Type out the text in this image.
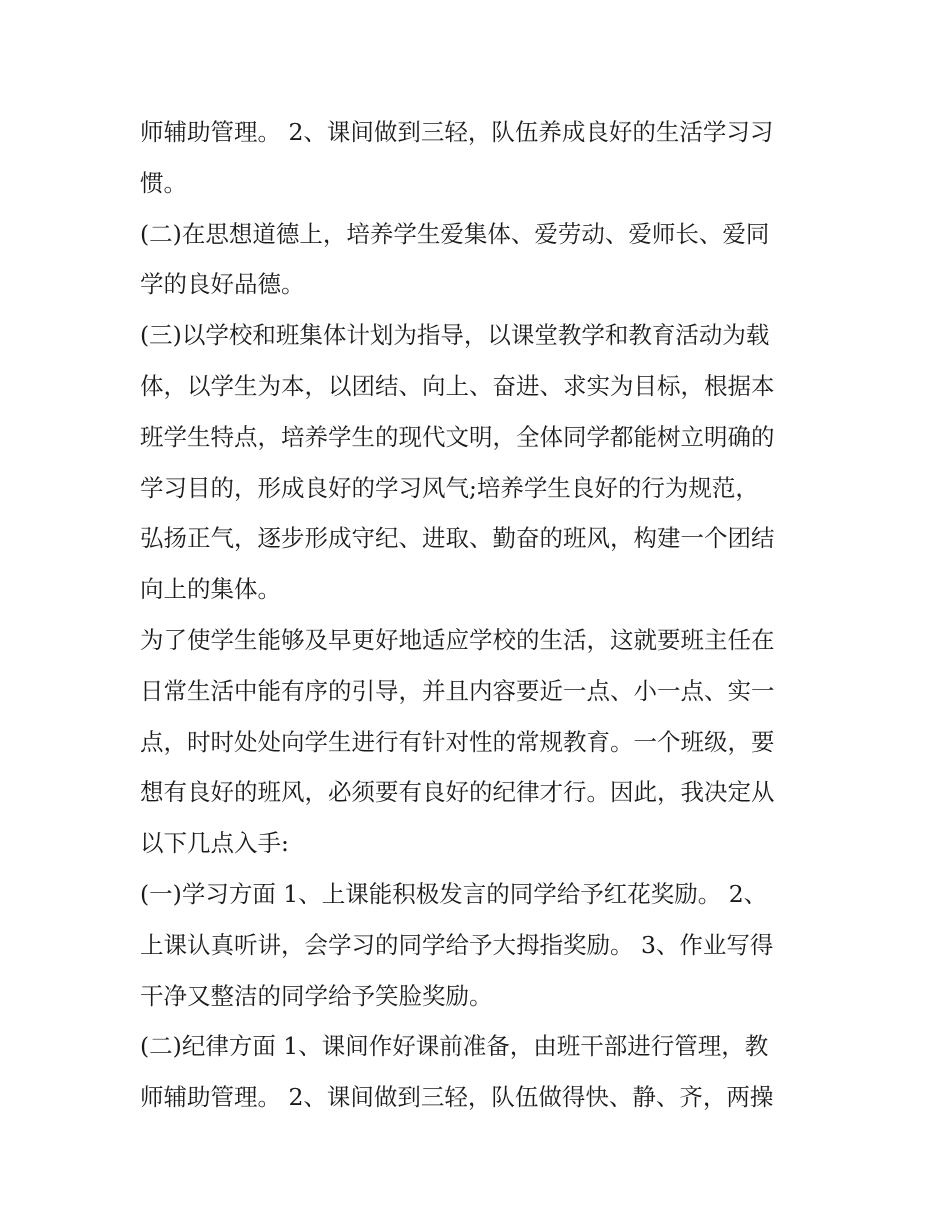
师辅助管理。 2、课间做到三轻，队伍养成良好的生活学习习
惯。
(二)在思想道德上，培养学生爱集体、爱劳动、爱师长、爱同
学的良好品德。
(三)以学校和班集体计划为指导，以课堂教学和教育活动为载
体，以学生为本，以团结、向上、奋进、求实为目标，根据本
班学生特点，培养学生的现代文明，全体同学都能树立明确的
学习目的，形成良好的学习风气;培养学生良好的行为规范，
弘扬正气，逐步形成守纪、进取、勤奋的班风，构建一个团结
向上的集体。
为了使学生能够及早更好地适应学校的生活，这就要班主任在
日常生活中能有序的引导，并且内容要近一点、小一点、实一
点，时时处处向学生进行有针对性的常规教育。一个班级，要
想有良好的班风，必须要有良好的纪律才行。因此，我决定从
以下几点入手:
(一)学习方面 1、上课能积极发言的同学给予红花奖励。 2、
上课认真听讲，会学习的同学给予大拇指奖励。 3、作业写得
干净又整洁的同学给予笑脸奖励。
(二)纪律方面 1、课间作好课前准备，由班干部进行管理，教
师辅助管理。 2、课间做到三轻，队伍做得快、静、齐，两操
